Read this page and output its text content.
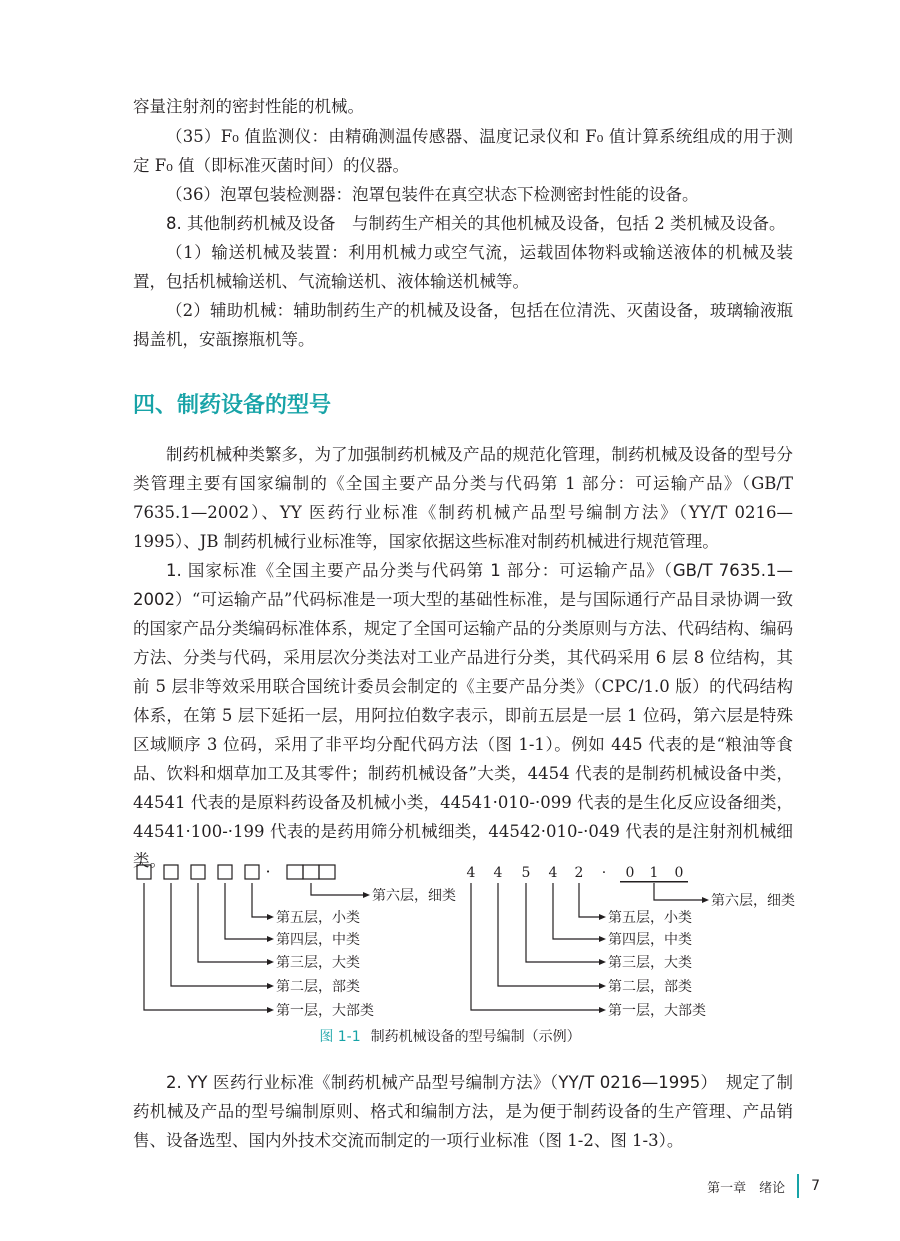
容量注射剂的密封性能的机械。

（35）F₀ 值监测仪：由精确测温传感器、温度记录仪和 F₀ 值计算系统组成的用于测定 F₀ 值（即标准灭菌时间）的仪器。

（36）泡罩包装检测器：泡罩包装件在真空状态下检测密封性能的设备。

8. 其他制药机械及设备　 与制药生产相关的其他机械及设备，包括 2 类机械及设备。

（1）输送机械及装置：利用机械力或空气流，运载固体物料或输送液体的机械及装置，包括机械输送机、气流输送机、液体输送机械等。

（2）辅助机械：辅助制药生产的机械及设备，包括在位清洗、灭菌设备，玻璃输液瓶揭盖机，安瓿擦瓶机等。

四、制药设备的型号

制药机械种类繁多，为了加强制药机械及产品的规范化管理，制药机械及设备的型号分类管理主要有国家编制的《全国主要产品分类与代码第 1 部分：可运输产品》（GB/T 7635.1—2002）、YY 医药行业标准《制药机械产品型号编制方法》（YY/T 0216—1995）、JB 制药机械行业标准等，国家依据这些标准对制药机械进行规范管理。

1. 国家标准《全国主要产品分类与代码第 1 部分：可运输产品》（GB/T 7635.1—2002）“可运输产品”代码标准是一项大型的基础性标准，是与国际通行产品目录协调一致的国家产品分类编码标准体系，规定了全国可运输产品的分类原则与方法、代码结构、编码方法、分类与代码，采用层次分类法对工业产品进行分类，其代码采用 6 层 8 位结构，其前 5 层非等效采用联合国统计委员会制定的《主要产品分类》（CPC/1.0 版）的代码结构体系，在第 5 层下延拓一层，用阿拉伯数字表示，即前五层是一层 1 位码，第六层是特殊区域顺序 3 位码，采用了非平均分配代码方法（图 1-1）。例如 445 代表的是“粮油等食品、饮料和烟草加工及其零件；制药机械设备”大类，4454 代表的是制药机械设备中类，44541 代表的是原料药设备及机械小类，44541·010-·099 代表的是生化反应设备细类，44541·100-·199 代表的是药用筛分机械细类，44542·010-·049 代表的是注射剂机械细类。

·
第六层，细类
第五层，小类
第四层，中类
第三层，大类
第二层，部类
第一层，大部类
4 4 5 4 2 · 0 1 0
第六层，细类
第五层，小类
第四层，中类
第三层，大类
第二层，部类
第一层，大部类
图 1-1 制药机械设备的型号编制（示例）

2. YY 医药行业标准《制药机械产品型号编制方法》（YY/T 0216—1995）　 规定了制药机械及产品的型号编制原则、格式和编制方法，是为便于制药设备的生产管理、产品销售、设备选型、国内外技术交流而制定的一项行业标准（图 1-2、图 1-3）。

第一章　绪论 7
